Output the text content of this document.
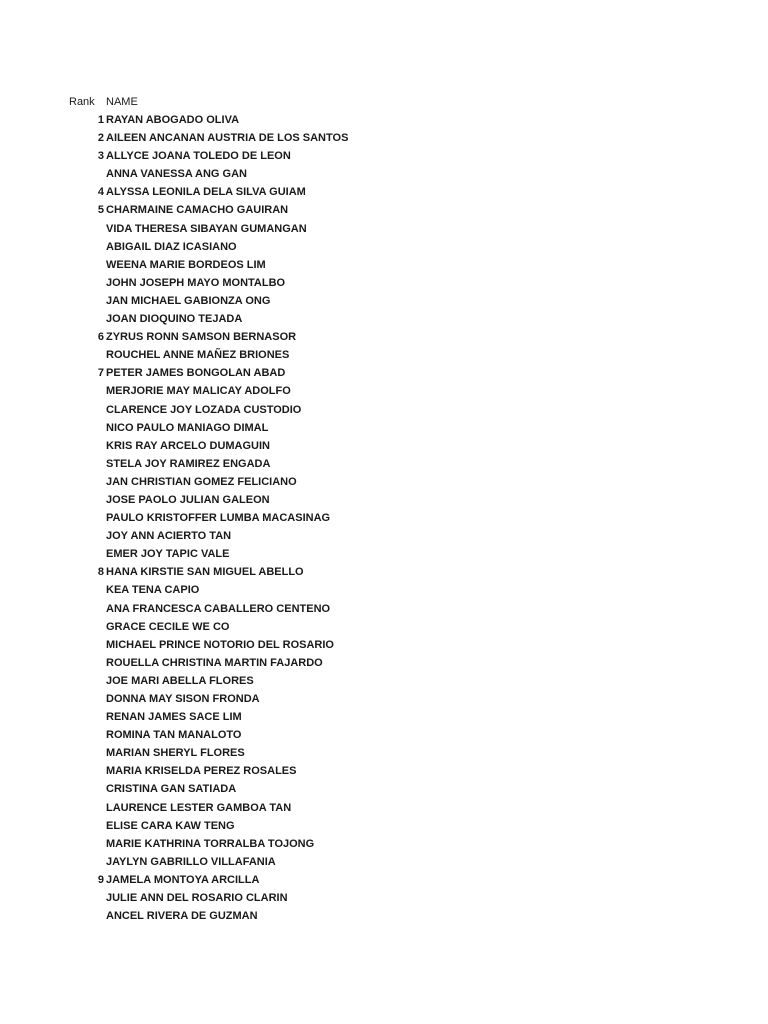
Rank NAME
1 RAYAN ABOGADO OLIVA
2 AILEEN ANCANAN AUSTRIA DE LOS SANTOS
3 ALLYCE JOANA TOLEDO DE LEON
ANNA VANESSA ANG GAN
4 ALYSSA LEONILA DELA SILVA GUIAM
5 CHARMAINE CAMACHO GAUIRAN
VIDA THERESA SIBAYAN GUMANGAN
ABIGAIL DIAZ ICASIANO
WEENA MARIE BORDEOS LIM
JOHN JOSEPH MAYO MONTALBO
JAN MICHAEL GABIONZA ONG
JOAN DIOQUINO TEJADA
6 ZYRUS RONN SAMSON BERNASOR
ROUCHEL ANNE MAÑEZ BRIONES
7 PETER JAMES BONGOLAN ABAD
MERJORIE MAY MALICAY ADOLFO
CLARENCE JOY LOZADA CUSTODIO
NICO PAULO MANIAGO DIMAL
KRIS RAY ARCELO DUMAGUIN
STELA JOY RAMIREZ ENGADA
JAN CHRISTIAN GOMEZ FELICIANO
JOSE PAOLO JULIAN GALEON
PAULO KRISTOFFER LUMBA MACASINAG
JOY ANN ACIERTO TAN
EMER JOY TAPIC VALE
8 HANA KIRSTIE SAN MIGUEL ABELLO
KEA TENA CAPIO
ANA FRANCESCA CABALLERO CENTENO
GRACE CECILE WE CO
MICHAEL PRINCE NOTORIO DEL ROSARIO
ROUELLA CHRISTINA MARTIN FAJARDO
JOE MARI ABELLA FLORES
DONNA MAY SISON FRONDA
RENAN JAMES SACE LIM
ROMINA TAN MANALOTO
MARIAN SHERYL FLORES
MARIA KRISELDA PEREZ ROSALES
CRISTINA GAN SATIADA
LAURENCE LESTER GAMBOA TAN
ELISE CARA KAW TENG
MARIE KATHRINA TORRALBA TOJONG
JAYLYN GABRILLO VILLAFANIA
9 JAMELA MONTOYA ARCILLA
JULIE ANN DEL ROSARIO CLARIN
ANCEL RIVERA DE GUZMAN
